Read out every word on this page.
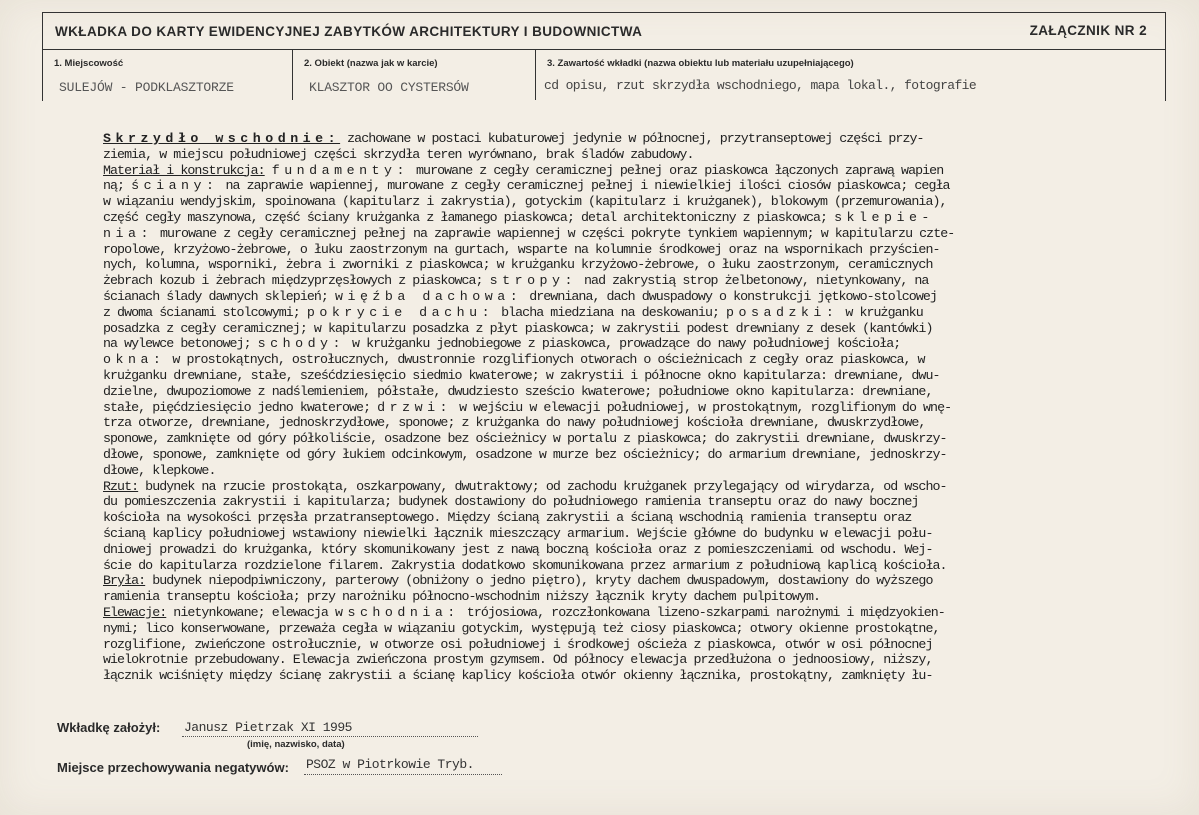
WKŁADKA DO KARTY EWIDENCYJNEJ ZABYTKÓW ARCHITEKTURY I BUDOWNICTWA	ZAŁĄCZNIK NR 2
1. Miejscowość
SULEJÓW - PODKLASZTORZE
2. Obiekt (nazwa jak w karcie)
KLASZTOR OO CYSTERSÓW
3. Zawartość wkładki (nazwa obiektu lub materiału uzupełniającego)
cd opisu, rzut skrzydła wschodniego, mapa lokal., fotografie
Skrzydło wschodnie: zachowane w postaci kubaturowej jedynie w północnej, przytranseptowej części przy-
ziemia, w miejscu południowej części skrzydła teren wyrównano, brak śladów zabudowy.
Materiał i konstrukcja: fundamenty: murowane z cegły ceramicznej pełnej oraz piaskowca łączonych zaprawą wapien
ną; ściany: na zaprawie wapiennej, murowane z cegły ceramicznej pełnej i niewielkiej ilości ciosów piaskowca; cegła
w wiązaniu wendyjskim, spoinowana (kapitularz i zakrystia), gotyckim (kapitularz i krużganek), blokowym (przemurowania),
część cegły maszynowa, część ściany krużganka z łamanego piaskowca; detal architektoniczny z piaskowca; sklepie-
nia: murowane z cegły ceramicznej pełnej na zaprawie wapiennej w części pokryte tynkiem wapiennym; w kapitularzu czte-
ropolowe, krzyżowo-żebrowe, o łuku zaostrzonym na gurtach, wsparte na kolumnie środkowej oraz na wspornikach przyścien-
nych, kolumna, wsporniki, żebra i zworniki z piaskowca; w krużganku krzyżowo-żebrowe, o łuku zaostrzonym, ceramicznych
żebrach kozub i żebrach międzyprzęsłowych z piaskowca; stropy: nad zakrystią strop żelbetonowy, nietynkowany, na
ścianach ślady dawnych sklepień; więźba dachowa: drewniana, dach dwuspadowy o konstrukcji jętkowo-stolcowej
z dwoma ścianami stolcowymi; pokrycie dachu: blacha miedziana na deskowaniu; posadzki: w krużganku
posadzka z cegły ceramicznej; w kapitularzu posadzka z płyt piaskowca; w zakrystii podest drewniany z desek (kantówki)
na wylewce betonowej; schody: w krużganku jednobiegowe z piaskowca, prowadzące do nawy południowej kościoła;
okna: w prostokątnych, ostrołucznych, dwustronnie rozglifionych otworach o ościeżnicach z cegły oraz piaskowca, w
krużganku drewniane, stałe, sześćdziesięcio siedmio kwaterowe; w zakrystii i północne okno kapitularza: drewniane, dwu-
dzielne, dwupoziomowe z nadślemieniem, półstałe, dwudziesto sześcio kwaterowe; południowe okno kapitularza: drewniane,
stałe, pięćdziesięcio jedno kwaterowe; drzwi: w wejściu w elewacji południowej, w prostokątnym, rozglifionym do wnę-
trza otworze, drewniane, jednoskrzydłowe, sponowe; z krużganka do nawy południowej kościoła drewniane, dwuskrzydłowe,
sponowe, zamknięte od góry półkoliście, osadzone bez ościeżnicy w portalu z piaskowca; do zakrystii drewniane, dwuskrzy-
dłowe, sponowe, zamknięte od góry łukiem odcinkowym, osadzone w murze bez ościeżnicy; do armarium drewniane, jednoskrzy-
dłowe, klepkowe.
Rzut: budynek na rzucie prostokąta, oszkarpowany, dwutraktowy; od zachodu krużganek przylegający od wirydarza, od wscho-
du pomieszczenia zakrystii i kapitularza; budynek dostawiony do południowego ramienia transeptu oraz do nawy bocznej
kościoła na wysokości przęsła przatranseptowego. Między ścianą zakrystii a ścianą wschodnią ramienia transeptu oraz
ścianą kaplicy południowej wstawiony niewielki łącznik mieszczący armarium. Wejście główne do budynku w elewacji połu-
dniowej prowadzi do krużganka, który skomunikowany jest z nawą boczną kościoła oraz z pomieszczeniami od wschodu. Wej-
ście do kapitularza rozdzielone filarem. Zakrystia dodatkowo skomunikowana przez armarium z południową kaplicą kościoła.
Bryła: budynek niepodpiwniczony, parterowy (obniżony o jedno piętro), kryty dachem dwuspadowym, dostawiony do wyższego
ramienia transeptu kościoła; przy narożniku północno-wschodnim niższy łącznik kryty dachem pulpitowym.
Elewacje: nietynkowane; elewacja wschodnia: trójosiowa, rozczłonkowana lizeno-szkarpami narożnymi i międzyokien-
nymi; lico konserwowane, przeważa cegła w wiązaniu gotyckim, występują też ciosy piaskowca; otwory okienne prostokątne,
rozglifione, zwieńczone ostrołucznie, w otworze osi południowej i środkowej ościeża z piaskowca, otwór w osi północnej
wielokrotnie przebudowany. Elewacja zwieńczona prostym gzymsem. Od północy elewacja przedłużona o jednoosiowy, niższy,
łącznik wciśnięty między ścianę zakrystii a ścianę kaplicy kościoła otwór okienny łącznika, prostokątny, zamknięty łu-
Wkładkę założył: Janusz Pietrzak XI 1995
(imię, nazwisko, data)
Miejsce przechowywania negatywów: PSOZ w Piotrkowie Tryb.
